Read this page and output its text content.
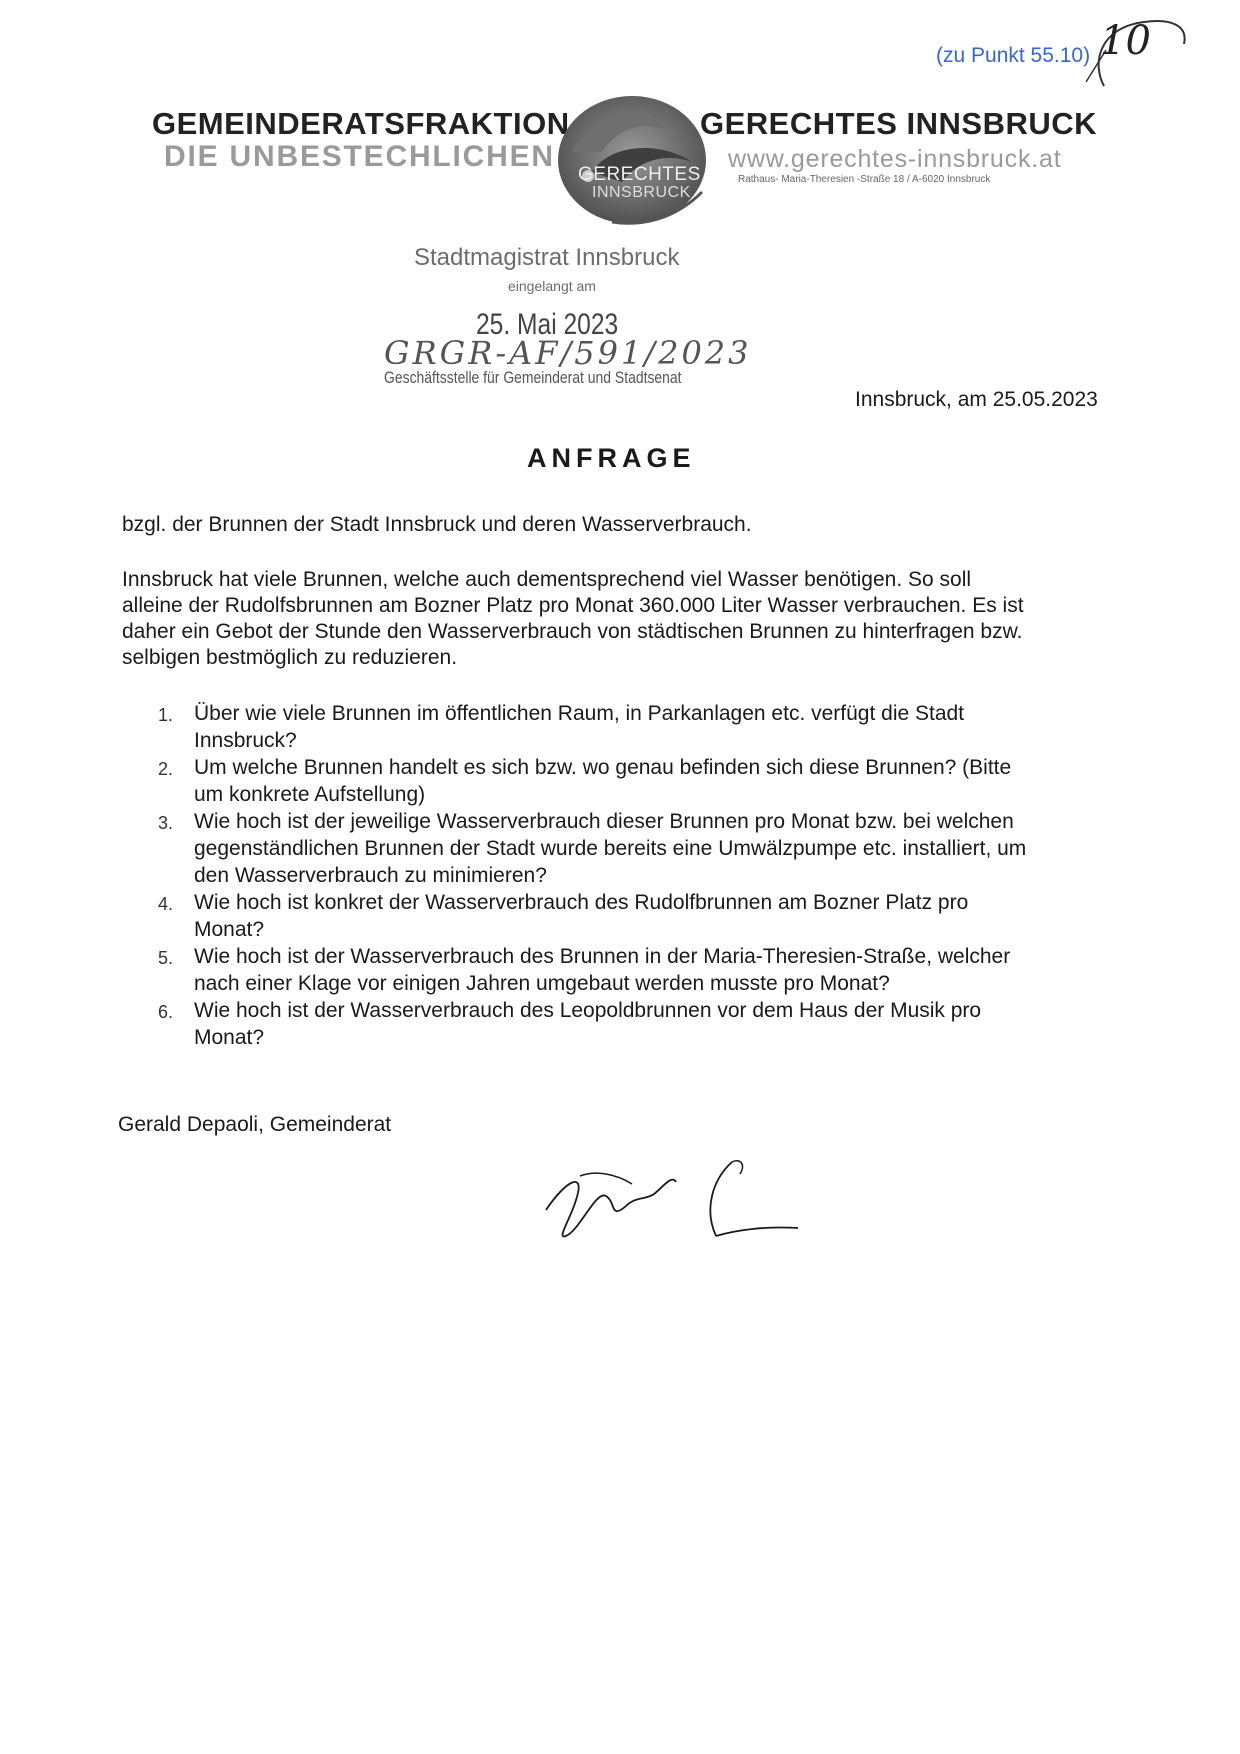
(zu Punkt 55.10) 10
GEMEINDERATSFRAKTION
DIE UNBESTECHLICHEN
GERECHTES
INNSBRUCK
GERECHTES INNSBRUCK
www.gerechtes-innsbruck.at
Rathaus- Maria-Theresien -Straße 18 / A-6020 Innsbruck
Stadtmagistrat Innsbruck
eingelangt am
25. Mai 2023
GRGR-AF/591/2023
Geschäftsstelle für Gemeinderat und Stadtsenat
Innsbruck, am 25.05.2023
ANFRAGE
bzgl. der Brunnen der Stadt Innsbruck und deren Wasserverbrauch.
Innsbruck hat viele Brunnen, welche auch dementsprechend viel Wasser benötigen. So soll
alleine der Rudolfsbrunnen am Bozner Platz pro Monat 360.000 Liter Wasser verbrauchen. Es ist
daher ein Gebot der Stunde den Wasserverbrauch von städtischen Brunnen zu hinterfragen bzw.
selbigen bestmöglich zu reduzieren.
1. Über wie viele Brunnen im öffentlichen Raum, in Parkanlagen etc. verfügt die Stadt
Innsbruck?
2. Um welche Brunnen handelt es sich bzw. wo genau befinden sich diese Brunnen? (Bitte
um konkrete Aufstellung)
3. Wie hoch ist der jeweilige Wasserverbrauch dieser Brunnen pro Monat bzw. bei welchen
gegenständlichen Brunnen der Stadt wurde bereits eine Umwälzpumpe etc. installiert, um
den Wasserverbrauch zu minimieren?
4. Wie hoch ist konkret der Wasserverbrauch des Rudolfbrunnen am Bozner Platz pro
Monat?
5. Wie hoch ist der Wasserverbrauch des Brunnen in der Maria-Theresien-Straße, welcher
nach einer Klage vor einigen Jahren umgebaut werden musste pro Monat?
6. Wie hoch ist der Wasserverbrauch des Leopoldbrunnen vor dem Haus der Musik pro
Monat?
Gerald Depaoli, Gemeinderat
